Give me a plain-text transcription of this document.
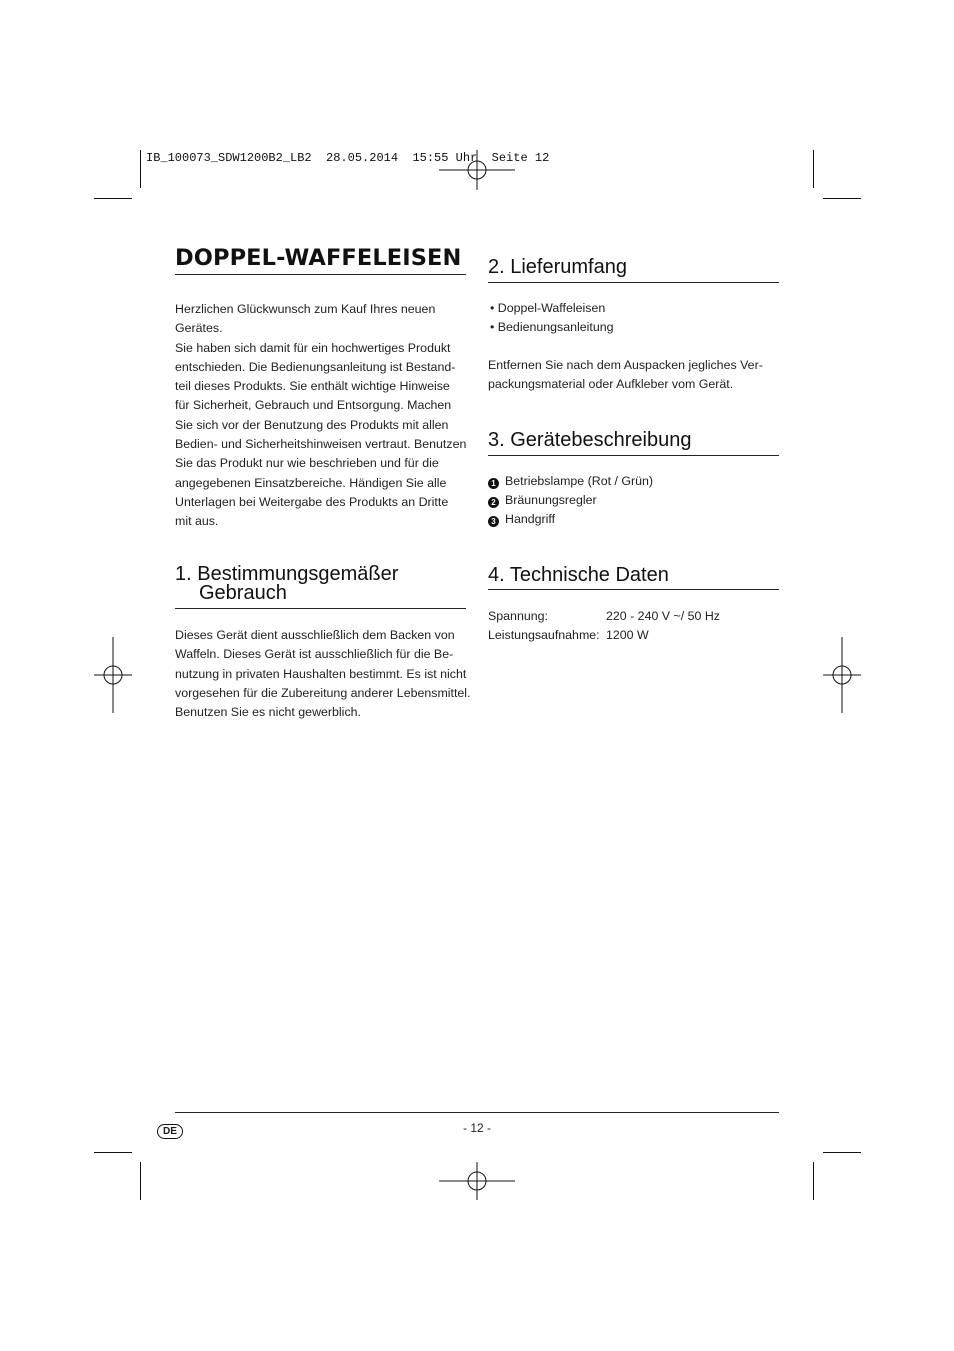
IB_100073_SDW1200B2_LB2  28.05.2014  15:55 Uhr  Seite 12
DOPPEL-WAFFELEISEN
Herzlichen Glückwunsch zum Kauf Ihres neuen
Gerätes.
Sie haben sich damit für ein hochwertiges Produkt
entschieden. Die Bedienungsanleitung ist Bestand-
teil dieses Produkts. Sie enthält wichtige Hinweise
für Sicherheit, Gebrauch und Entsorgung. Machen
Sie sich vor der Benutzung des Produkts mit allen
Bedien- und Sicherheitshinweisen vertraut. Benutzen
Sie das Produkt nur wie beschrieben und für die
angegebenen Einsatzbereiche. Händigen Sie alle
Unterlagen bei Weitergabe des Produkts an Dritte
mit aus.
1. Bestimmungsgemäßer
Gebrauch
Dieses Gerät dient ausschließlich dem Backen von
Waffeln. Dieses Gerät ist ausschließlich für die Be-
nutzung in privaten Haushalten bestimmt. Es ist nicht
vorgesehen für die Zubereitung anderer Lebensmittel.
Benutzen Sie es nicht gewerblich.
2. Lieferumfang
• Doppel-Waffeleisen
• Bedienungsanleitung
Entfernen Sie nach dem Auspacken jegliches Ver-
packungsmaterial oder Aufkleber vom Gerät.
3. Gerätebeschreibung
1 Betriebslampe (Rot / Grün)
2 Bräunungsregler
3 Handgriff
4. Technische Daten
Spannung:	220 - 240 V ~/ 50 Hz
Leistungsaufnahme: 1200 W
DE	- 12 -
